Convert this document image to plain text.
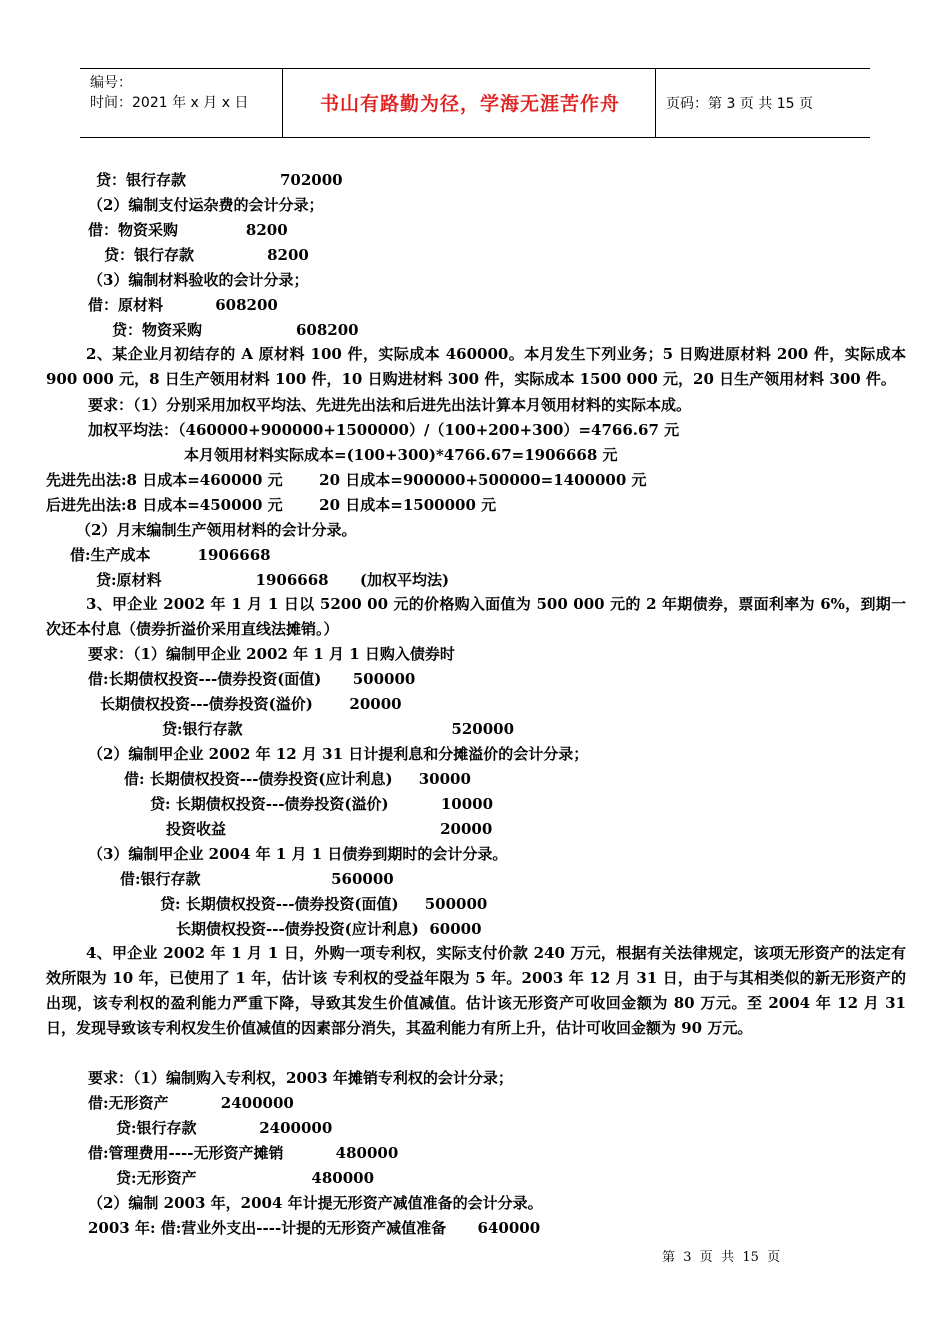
编号：
时间：2021 年 x 月 x 日	书山有路勤为径，学海无涯苦作舟	页码：第 3 页 共 15 页
贷：银行存款                  702000
（2）编制支付运杂费的会计分录；
借：物资采购             8200
贷：银行存款              8200
（3）编制材料验收的会计分录；
借：原材料          608200
贷：物资采购                  608200
2、某企业月初结存的 A 原材料 100 件，实际成本 460000。本月发生下列业务；5 日购进原材料 200 件，实际成本 900 000 元，8 日生产领用材料 100 件，10 日购进材料 300 件，实际成本 1500 000 元，20 日生产领用材料 300 件。
要求：（1）分别采用加权平均法、先进先出法和后进先出法计算本月领用材料的实际本成。
加权平均法：（460000+900000+1500000）/（100+200+300）=4766.67 元
本月领用材料实际成本=(100+300)*4766.67=1906668 元
先进先出法:8 日成本=460000 元       20 日成本=900000+500000=1400000 元
后进先出法:8 日成本=450000 元       20 日成本=1500000 元
（2）月末编制生产领用材料的会计分录。
借:生产成本         1906668
贷:原材料                  1906668      (加权平均法)
3、甲企业 2002 年 1 月 1 日以 5200 00 元的价格购入面值为 500 000 元的 2 年期债券，票面利率为 6%，到期一次还本付息（债券折溢价采用直线法摊销。）
要求：（1）编制甲企业 2002 年 1 月 1 日购入债券时
借:长期债权投资---债券投资(面值)      500000
长期债权投资---债券投资(溢价)       20000
贷:银行存款                                        520000
（2）编制甲企业 2002 年 12 月 31 日计提利息和分摊溢价的会计分录；
借: 长期债权投资---债券投资(应计利息)     30000
贷: 长期债权投资---债券投资(溢价)          10000
投资收益                                         20000
（3）编制甲企业 2004 年 1 月 1 日债券到期时的会计分录。
借:银行存款                         560000
贷: 长期债权投资---债券投资(面值)     500000
长期债权投资---债券投资(应计利息)  60000
4、甲企业 2002 年 1 月 1 日，外购一项专利权，实际支付价款 240 万元，根据有关法律规定，该项无形资产的法定有效所限为 10 年，已使用了 1 年，估计该 专利权的受益年限为 5 年。2003 年 12 月 31 日，由于与其相类似的新无形资产的出现，该专利权的盈利能力严重下降，导致其发生价值减值。估计该无形资产可收回金额为 80 万元。至 2004 年 12 月 31 日，发现导致该专利权发生价值减值的因素部分消失，其盈利能力有所上升，估计可收回金额为 90 万元。
要求：（1）编制购入专利权，2003 年摊销专利权的会计分录；
借:无形资产          2400000
贷:银行存款            2400000
借:管理费用----无形资产摊销          480000
贷:无形资产                      480000
（2）编制 2003 年，2004 年计提无形资产减值准备的会计分录。
2003 年: 借:营业外支出----计提的无形资产减值准备      640000
第  3  页  共  15  页
